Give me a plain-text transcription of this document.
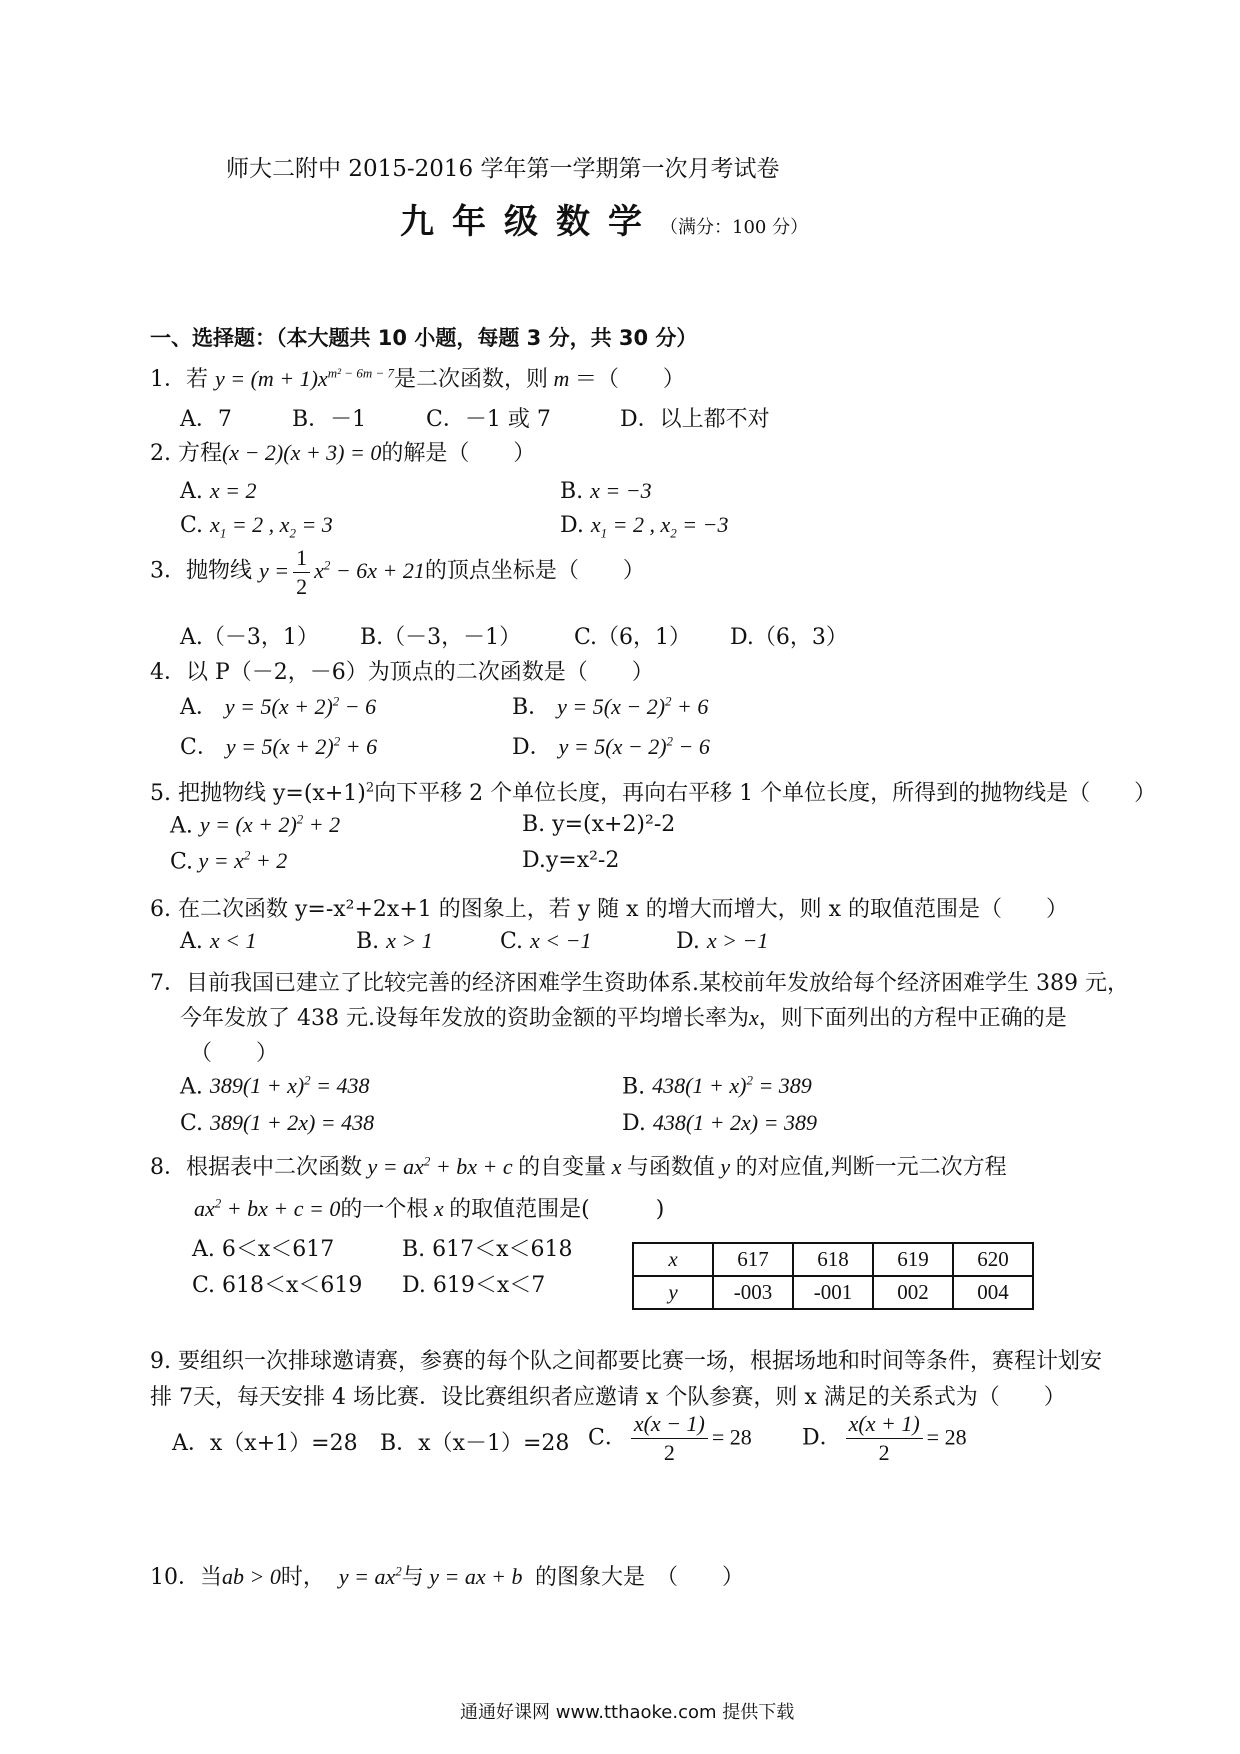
师大二附中 2015-2016 学年第一学期第一次月考试卷
九年级数学（满分：100 分）
一、选择题：（本大题共 10 小题，每题 3 分，共 30 分）
1．若 $y = (m + 1)x^{m^2 - 6m - 7}$是二次函数，则 m ＝（　　）
A．7	B．－1	C．－1 或 7	D．以上都不对
2. 方程(x − 2)(x + 3) = 0的解是（　　）
A. x = 2	B. x = −3
C. $x_1 = 2$ , $x_2 = 3$	D. $x_1 = 2$ , $x_2 = -3$
3．抛物线 $y = \frac{1}{2} x^2 - 6x + 21$的顶点坐标是（　　）
A.（－3，1） B.（－3，－1） C.（6，1） D.（6，3）
4．以 P（－2，－6）为顶点的二次函数是（　　）
A． $y = 5(x + 2)^2 - 6$	B． $y = 5(x - 2)^2 + 6$
C． $y = 5(x + 2)^2 + 6$	D． $y = 5(x - 2)^2 - 6$
5. 把抛物线 $y=(x+1)^2$向下平移 2 个单位长度，再向右平移 1 个单位长度，所得到的抛物线是（　　）
A. $y = (x + 2)^2 + 2$	B. y=(x+2)²-2
C. $y = x^2 + 2$	D.y=x²-2
6. 在二次函数 y=-x²+2x+1 的图象上，若 y 随 x 的增大而增大，则 x 的取值范围是（　　）
A. x < 1	B. x > 1	C. x < −1	D. x > −1
7．目前我国已建立了比较完善的经济困难学生资助体系.某校前年发放给每个经济困难学生 389 元，
今年发放了 438 元.设每年发放的资助金额的平均增长率为x，则下面列出的方程中正确的是
（　　）
A. $389(1 + x)^2 = 438$	B. $438(1 + x)^2 = 389$
C. 389(1 + 2x) = 438	D. 438(1 + 2x) = 389
8．根据表中二次函数 $y = ax^2$ + bx + c 的自变量 x 与函数值 y 的对应值,判断一元二次方程
$ax^2$ + bx + c = 0的一个根 x 的取值范围是(　　　)
A. 6＜x＜617	B. 617＜x＜618
C. 618＜x＜619 D. 619＜x＜7
x	617	618	619	620
y	-003	-001	002	004
9. 要组织一次排球邀请赛，参赛的每个队之间都要比赛一场，根据场地和时间等条件，赛程计划安
排 7天，每天安排 4 场比赛．设比赛组织者应邀请 x 个队参赛，则 x 满足的关系式为（　　）
A．x（x+1）=28 B．x（x－1）=28 C． $\frac{x(x - 1)}{2} = 28$ D． $\frac{x(x + 1)}{2} = 28$
10．当ab > 0时， $y = ax^2$与 y = ax + b  的图象大是　（　　）
通通好课网 www.tthaoke.com 提供下载
